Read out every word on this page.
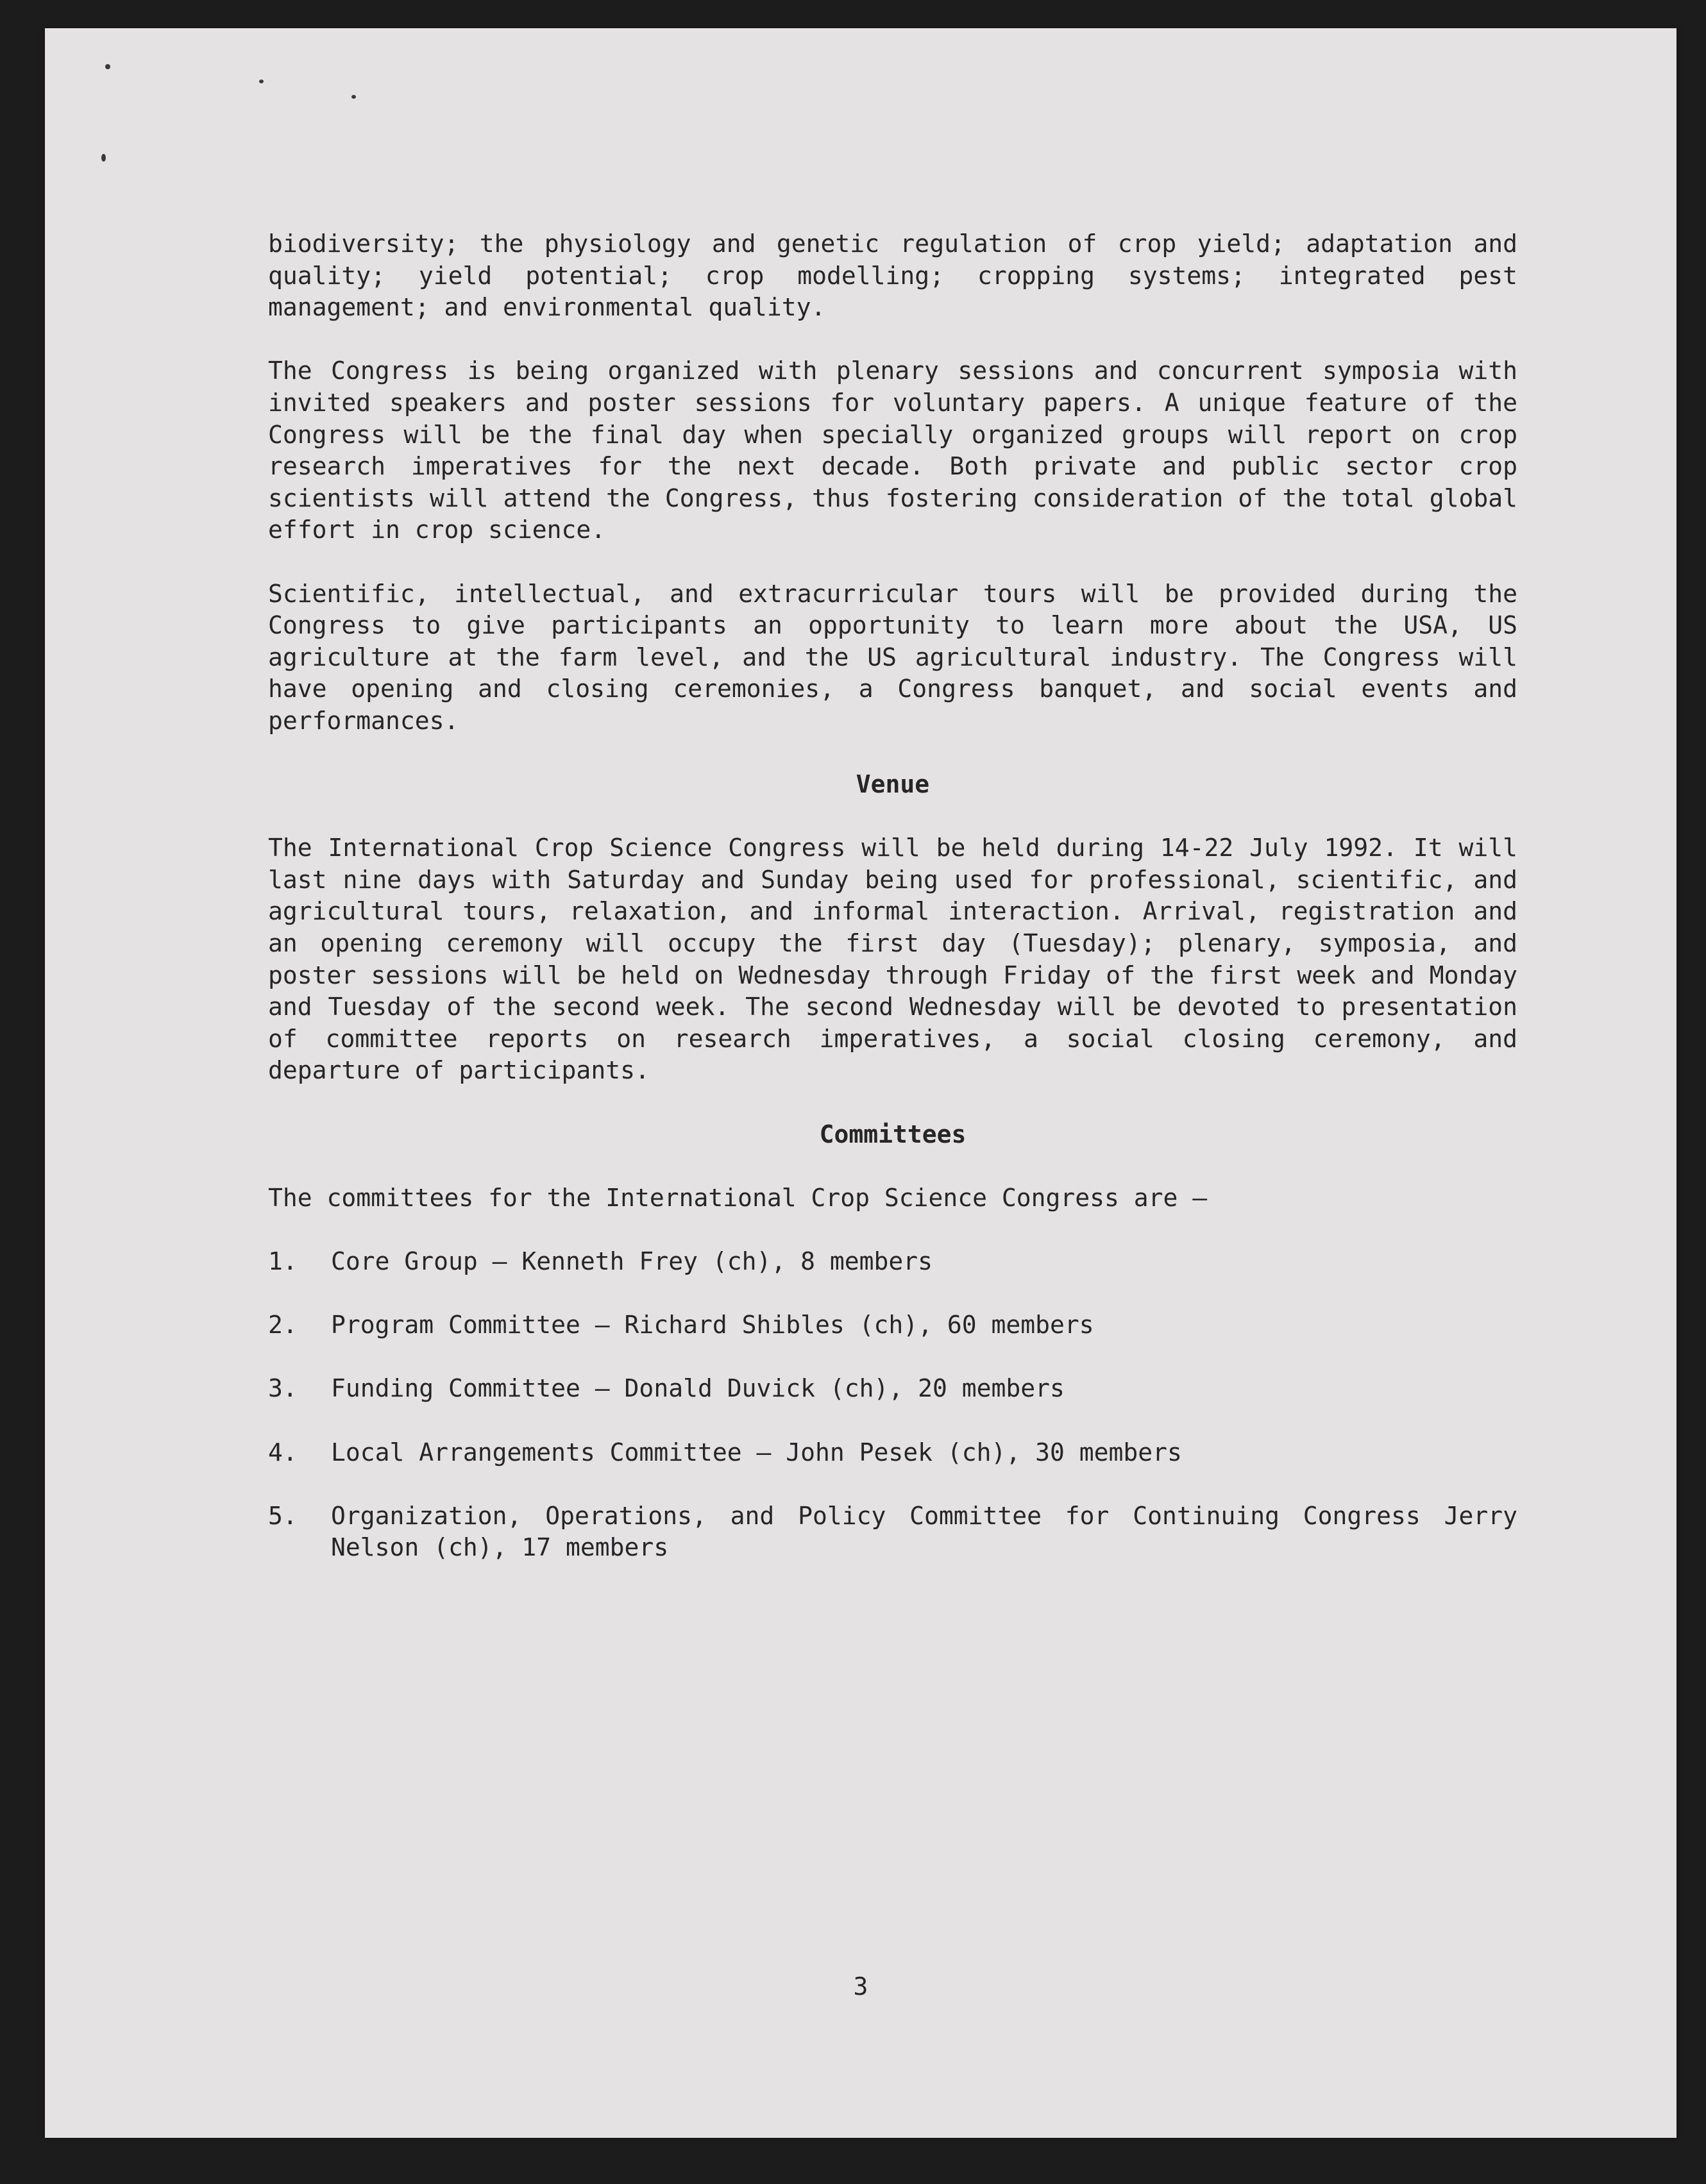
biodiversity; the physiology and genetic regulation of crop yield; adaptation and quality; yield potential; crop modelling; cropping systems; integrated pest management; and environmental quality.

The Congress is being organized with plenary sessions and concurrent symposia with invited speakers and poster sessions for voluntary papers. A unique feature of the Congress will be the final day when specially organized groups will report on crop research imperatives for the next decade. Both private and public sector crop scientists will attend the Congress, thus fostering consideration of the total global effort in crop science.

Scientific, intellectual, and extracurricular tours will be provided during the Congress to give participants an opportunity to learn more about the USA, US agriculture at the farm level, and the US agricultural industry. The Congress will have opening and closing ceremonies, a Congress banquet, and social events and performances.

Venue

The International Crop Science Congress will be held during 14-22 July 1992. It will last nine days with Saturday and Sunday being used for professional, scientific, and agricultural tours, relaxation, and informal interaction. Arrival, registration and an opening ceremony will occupy the first day (Tuesday); plenary, symposia, and poster sessions will be held on Wednesday through Friday of the first week and Monday and Tuesday of the second week. The second Wednesday will be devoted to presentation of committee reports on research imperatives, a social closing ceremony, and departure of participants.

Committees

The committees for the International Crop Science Congress are —

1.	Core Group — Kenneth Frey (ch), 8 members
2.	Program Committee — Richard Shibles (ch), 60 members
3.	Funding Committee — Donald Duvick (ch), 20 members
4.	Local Arrangements Committee — John Pesek (ch), 30 members
5.	Organization, Operations, and Policy Committee for Continuing Congress Jerry Nelson (ch), 17 members
3
